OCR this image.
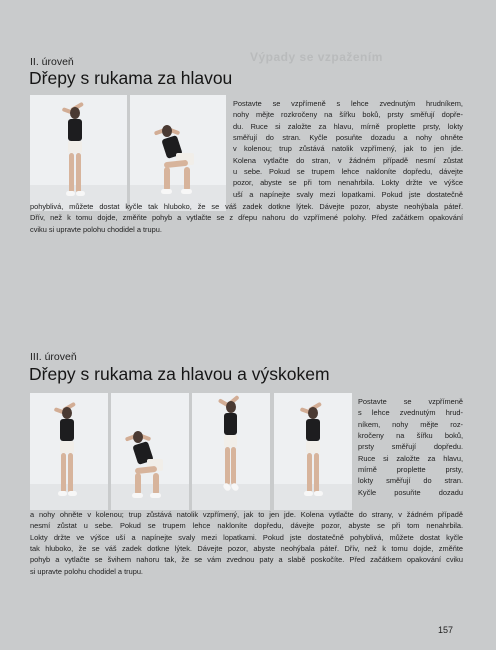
Výpady se vzpažením
II. úroveň
Dřepy s rukama za hlavou
Postavte se vzpřímeně s lehce zvednutým hrudníkem,
nohy mějte rozkročeny na šířku boků, prsty směřují dopře-
du. Ruce si založte za hlavu, mírně proplette prsty, lokty
směřují do stran. Kyčle posuňte dozadu a nohy ohněte
v kolenou; trup zůstává natolik vzpřímený, jak to jen jde.
Kolena vytlačte do stran, v žádném případě nesmí zůstat
u sebe. Pokud se trupem lehce nakloníte dopředu, dávejte
pozor, abyste se při tom nenahrbila. Lokty držte ve výšce
uší a napínejte svaly mezi lopatkami. Pokud jste dostatečně
pohyblivá, můžete dostat kyčle tak hluboko, že se váš zadek dotkne lýtek. Dávejte pozor, abyste neohýbala páteř.
Dřív, než k tomu dojde, změňte pohyb a vytlačte se z dřepu nahoru do vzpřímené polohy. Před začátkem opakování
cviku si upravte polohu chodidel a trupu.
III. úroveň
Dřepy s rukama za hlavou a výskokem
Postavte se vzpřímeně
s lehce zvednutým hrud-
níkem, nohy mějte roz-
kročeny na šířku boků,
prsty směřují dopředu.
Ruce si založte za hlavu,
mírně proplette prsty,
lokty směřují do stran.
Kyčle posuňte dozadu
a nohy ohněte v kolenou; trup zůstává natolik vzpřímený, jak to jen jde. Kolena vytlačte do strany, v žádném případě
nesmí zůstat u sebe. Pokud se trupem lehce nakloníte dopředu, dávejte pozor, abyste se při tom nenahrbila.
Lokty držte ve výšce uší a napínejte svaly mezi lopatkami. Pokud jste dostatečně pohyblivá, můžete dostat kyčle
tak hluboko, že se váš zadek dotkne lýtek. Dávejte pozor, abyste neohýbala páteř. Dřív, než k tomu dojde, změňte
pohyb a vytlačte se švihem nahoru tak, že se vám zvednou paty a slabě poskočíte. Před začátkem opakování cviku
si upravte polohu chodidel a trupu.
157
